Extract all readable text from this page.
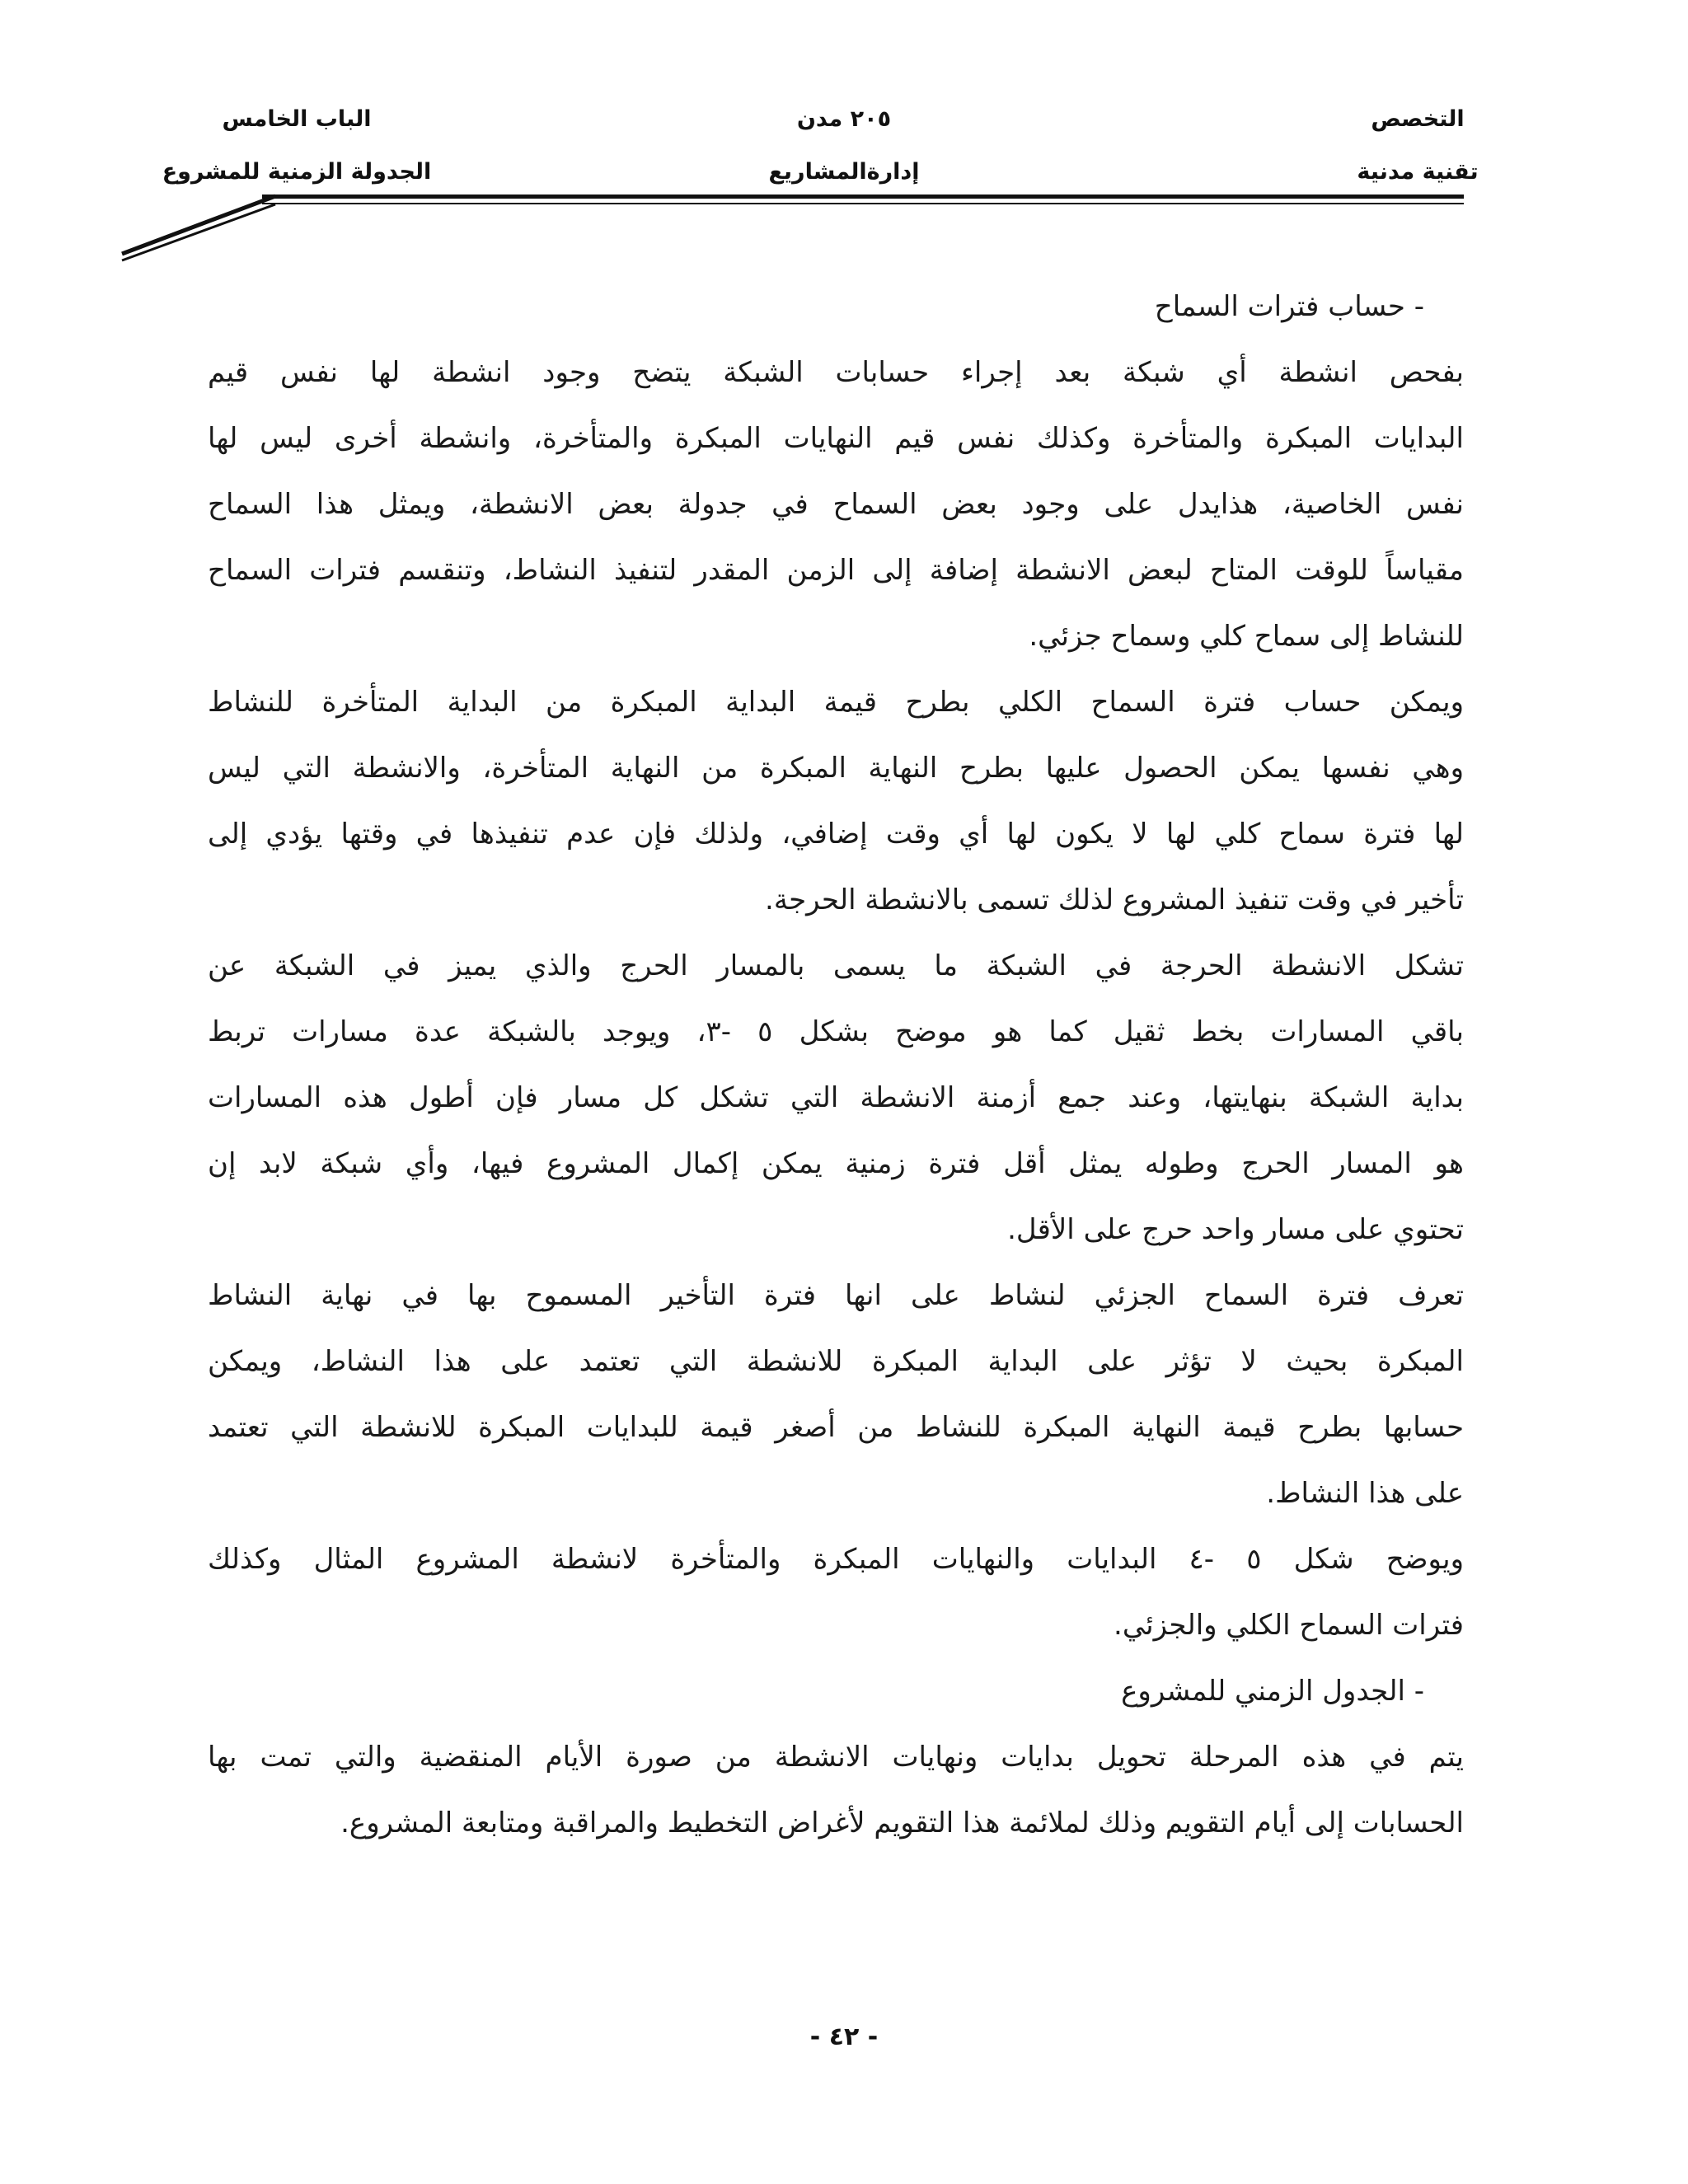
التخصص
تقنية مدنية
٢٠٥ مدن
إدارةالمشاريع
الباب الخامس
الجدولة الزمنية للمشروع
- حساب فترات السماح
بفحص انشطة أي شبكة بعد إجراء حسابات الشبكة يتضح وجود انشطة لها نفس قيم
البدايات المبكرة والمتأخرة وكذلك نفس قيم النهايات المبكرة والمتأخرة، وانشطة أخرى ليس لها
نفس الخاصية، هذايدل على وجود بعض السماح في جدولة بعض الانشطة، ويمثل هذا السماح
مقياساً للوقت المتاح لبعض الانشطة إضافة إلى الزمن المقدر لتنفيذ النشاط، وتنقسم فترات السماح
للنشاط إلى سماح كلي وسماح جزئي.
ويمكن حساب فترة السماح الكلي بطرح قيمة البداية المبكرة من البداية المتأخرة للنشاط
وهي نفسها يمكن الحصول عليها بطرح النهاية المبكرة من النهاية المتأخرة، والانشطة التي ليس
لها فترة سماح كلي لها لا يكون لها أي وقت إضافي، ولذلك فإن عدم تنفيذها في وقتها يؤدي إلى
تأخير في وقت تنفيذ المشروع لذلك تسمى بالانشطة الحرجة.
تشكل الانشطة الحرجة في الشبكة ما يسمى بالمسار الحرج والذي يميز في الشبكة عن
باقي المسارات بخط ثقيل كما هو موضح بشكل ٥ -٣، ويوجد بالشبكة عدة مسارات تربط
بداية الشبكة بنهايتها، وعند جمع أزمنة الانشطة التي تشكل كل مسار فإن أطول هذه المسارات
هو المسار الحرج وطوله يمثل أقل فترة زمنية يمكن إكمال المشروع فيها، وأي شبكة لابد إن
تحتوي على مسار واحد حرج على الأقل.
تعرف فترة السماح الجزئي لنشاط على انها فترة التأخير المسموح بها في نهاية النشاط
المبكرة بحيث لا تؤثر على البداية المبكرة للانشطة التي تعتمد على هذا النشاط، ويمكن
حسابها بطرح قيمة النهاية المبكرة للنشاط من أصغر قيمة للبدايات المبكرة للانشطة التي تعتمد
على هذا النشاط.
ويوضح شكل ٥ -٤ البدايات والنهايات المبكرة والمتأخرة لانشطة المشروع المثال وكذلك
فترات السماح الكلي والجزئي.
- الجدول الزمني للمشروع
يتم في هذه المرحلة تحويل بدايات ونهايات الانشطة من صورة الأيام المنقضية والتي تمت بها
الحسابات إلى أيام التقويم وذلك لملائمة هذا التقويم لأغراض التخطيط والمراقبة ومتابعة المشروع.
- ٤٢ -
